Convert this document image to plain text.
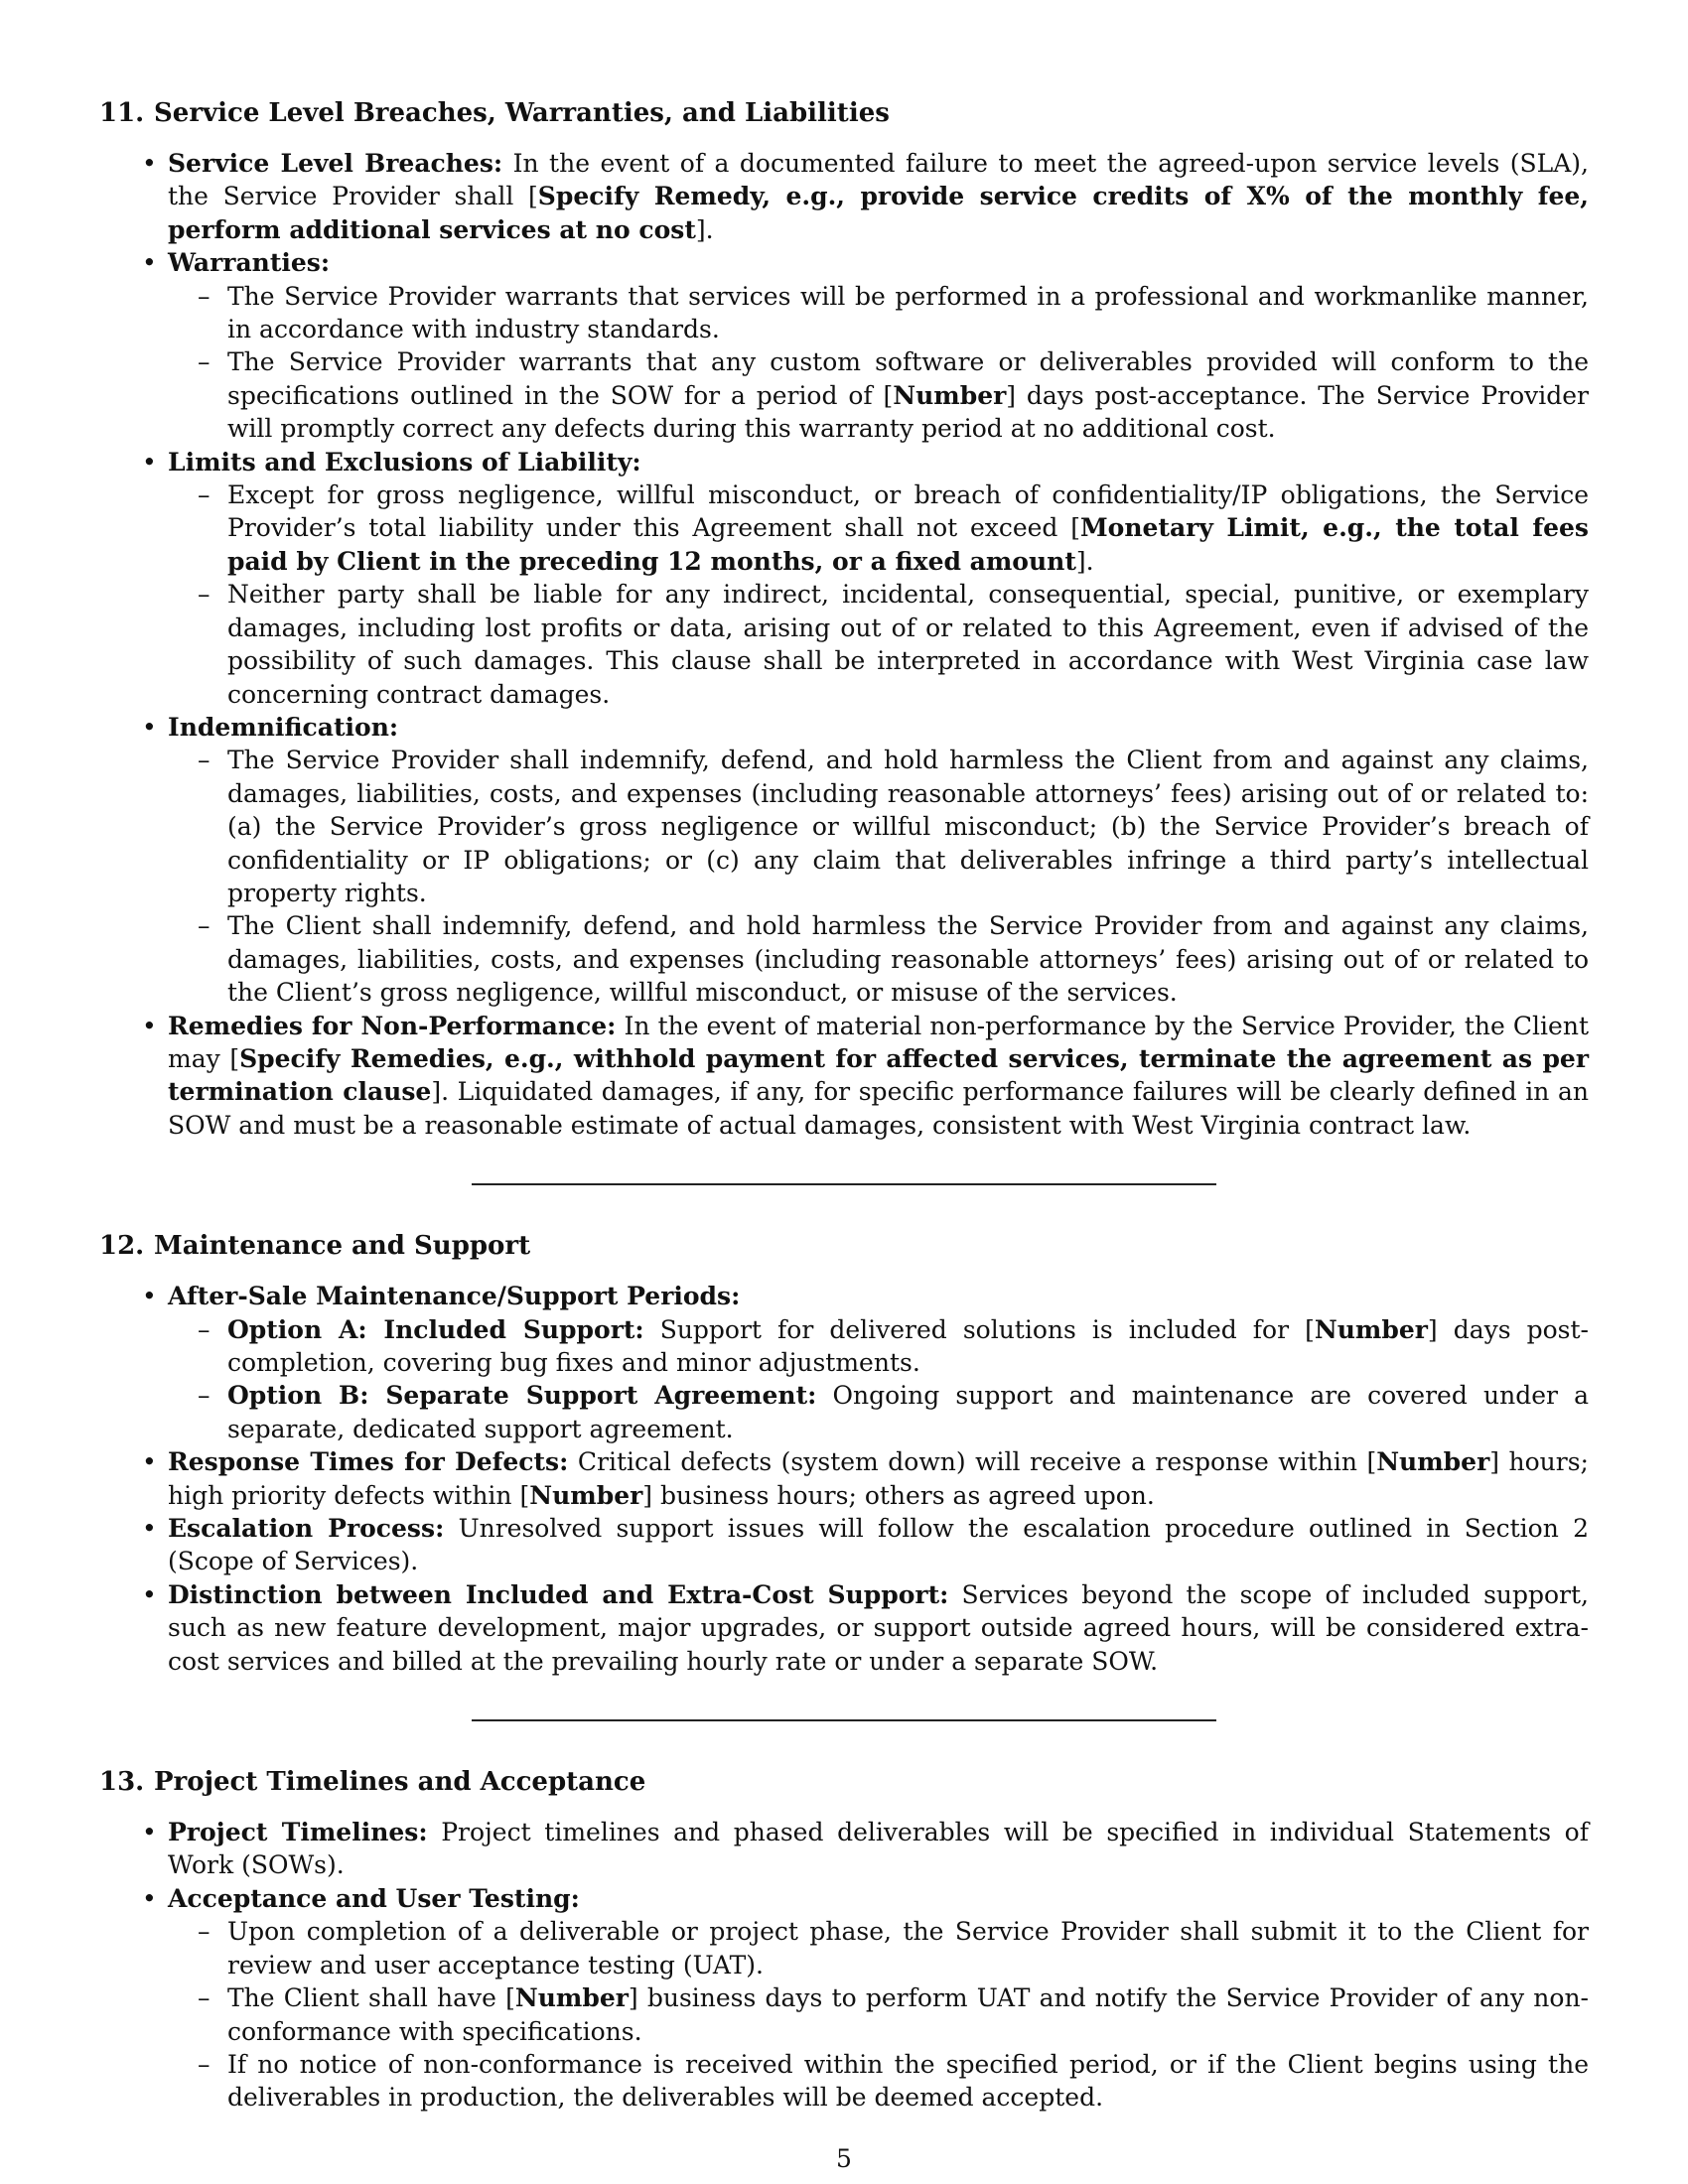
11. Service Level Breaches, Warranties, and Liabilities
• Service Level Breaches: In the event of a documented failure to meet the agreed-upon service levels (SLA), the Service Provider shall [Specify Remedy, e.g., provide service credits of X% of the monthly fee, perform additional services at no cost].
• Warranties:
– The Service Provider warrants that services will be performed in a professional and workmanlike manner, in accordance with industry standards.
– The Service Provider warrants that any custom software or deliverables provided will conform to the specifications outlined in the SOW for a period of [Number] days post-acceptance. The Service Provider will promptly correct any defects during this warranty period at no additional cost.
• Limits and Exclusions of Liability:
– Except for gross negligence, willful misconduct, or breach of confidentiality/IP obligations, the Service Provider’s total liability under this Agreement shall not exceed [Monetary Limit, e.g., the total fees paid by Client in the preceding 12 months, or a fixed amount].
– Neither party shall be liable for any indirect, incidental, consequential, special, punitive, or exemplary damages, including lost profits or data, arising out of or related to this Agreement, even if advised of the possibility of such damages. This clause shall be interpreted in accordance with West Virginia case law concerning contract damages.
• Indemnification:
– The Service Provider shall indemnify, defend, and hold harmless the Client from and against any claims, damages, liabilities, costs, and expenses (including reasonable attorneys’ fees) arising out of or related to: (a) the Service Provider’s gross negligence or willful misconduct; (b) the Service Provider’s breach of confidentiality or IP obligations; or (c) any claim that deliverables infringe a third party’s intellectual property rights.
– The Client shall indemnify, defend, and hold harmless the Service Provider from and against any claims, damages, liabilities, costs, and expenses (including reasonable attorneys’ fees) arising out of or related to the Client’s gross negligence, willful misconduct, or misuse of the services.
• Remedies for Non-Performance: In the event of material non-performance by the Service Provider, the Client may [Specify Remedies, e.g., withhold payment for affected services, terminate the agreement as per termination clause]. Liquidated damages, if any, for specific performance failures will be clearly defined in an SOW and must be a reasonable estimate of actual damages, consistent with West Virginia contract law.
12. Maintenance and Support
• After-Sale Maintenance/Support Periods:
– Option A: Included Support: Support for delivered solutions is included for [Number] days post-completion, covering bug fixes and minor adjustments.
– Option B: Separate Support Agreement: Ongoing support and maintenance are covered under a separate, dedicated support agreement.
• Response Times for Defects: Critical defects (system down) will receive a response within [Number] hours; high priority defects within [Number] business hours; others as agreed upon.
• Escalation Process: Unresolved support issues will follow the escalation procedure outlined in Section 2 (Scope of Services).
• Distinction between Included and Extra-Cost Support: Services beyond the scope of included support, such as new feature development, major upgrades, or support outside agreed hours, will be considered extra-cost services and billed at the prevailing hourly rate or under a separate SOW.
13. Project Timelines and Acceptance
• Project Timelines: Project timelines and phased deliverables will be specified in individual Statements of Work (SOWs).
• Acceptance and User Testing:
– Upon completion of a deliverable or project phase, the Service Provider shall submit it to the Client for review and user acceptance testing (UAT).
– The Client shall have [Number] business days to perform UAT and notify the Service Provider of any non-conformance with specifications.
– If no notice of non-conformance is received within the specified period, or if the Client begins using the deliverables in production, the deliverables will be deemed accepted.
5
